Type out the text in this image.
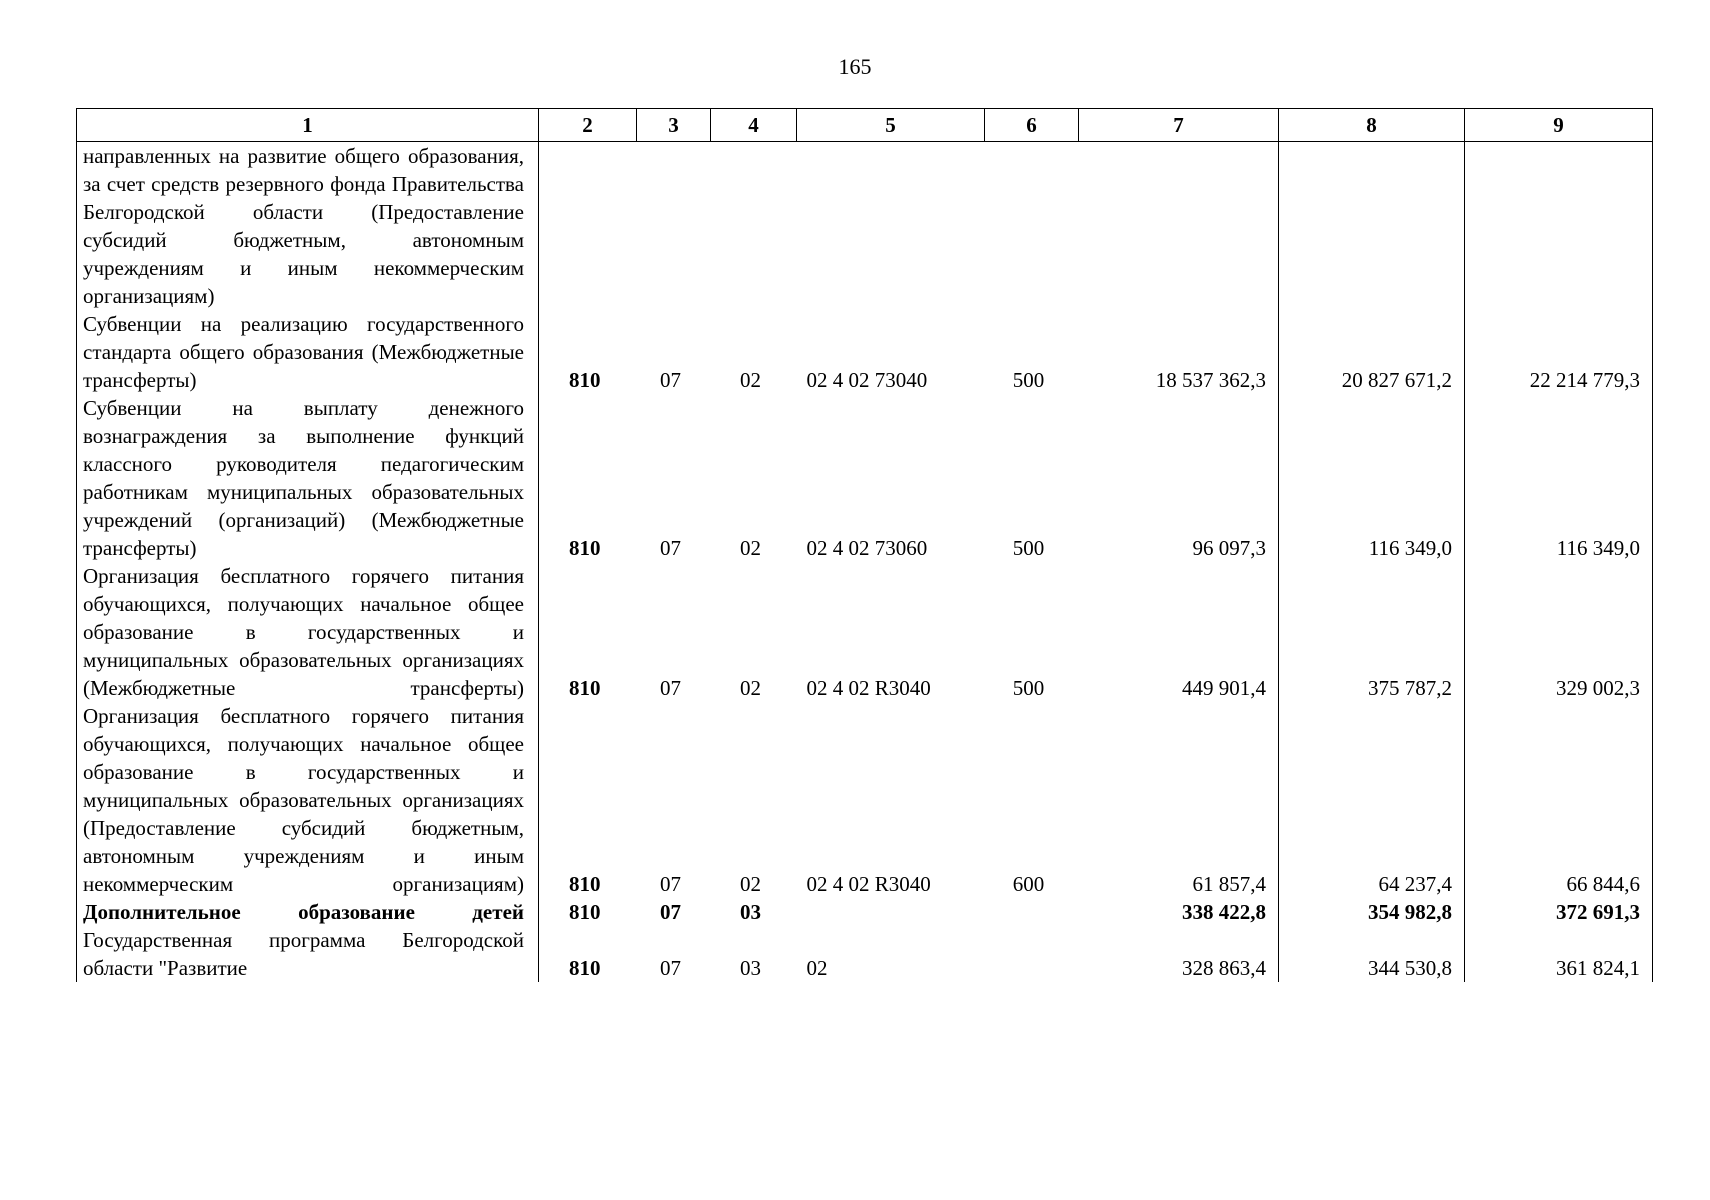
165
1	2	3	4	5	6	7	8	9
направленных на развитие общего образования, за счет средств резервного фонда Правительства Белгородской области (Предоставление субсидий бюджетным, автономным учреждениям и иным некоммерческим организациям)								
Субвенции на реализацию государственного стандарта общего образования (Межбюджетные трансферты)	810	07	02	02 4 02 73040	500	18 537 362,3	20 827 671,2	22 214 779,3
Субвенции на выплату денежного вознаграждения за выполнение функций классного руководителя педагогическим работникам муниципальных образовательных учреждений (организаций) (Межбюджетные трансферты)	810	07	02	02 4 02 73060	500	96 097,3	116 349,0	116 349,0
Организация бесплатного горячего питания обучающихся, получающих начальное общее образование в государственных и муниципальных образовательных организациях (Межбюджетные трансферты)	810	07	02	02 4 02 R3040	500	449 901,4	375 787,2	329 002,3
Организация бесплатного горячего питания обучающихся, получающих начальное общее образование в государственных и муниципальных образовательных организациях (Предоставление субсидий бюджетным, автономным учреждениям и иным некоммерческим организациям)	810	07	02	02 4 02 R3040	600	61 857,4	64 237,4	66 844,6
Дополнительное образование детей	810	07	03			338 422,8	354 982,8	372 691,3
Государственная программа Белгородской области "Развитие	810	07	03	02		328 863,4	344 530,8	361 824,1
